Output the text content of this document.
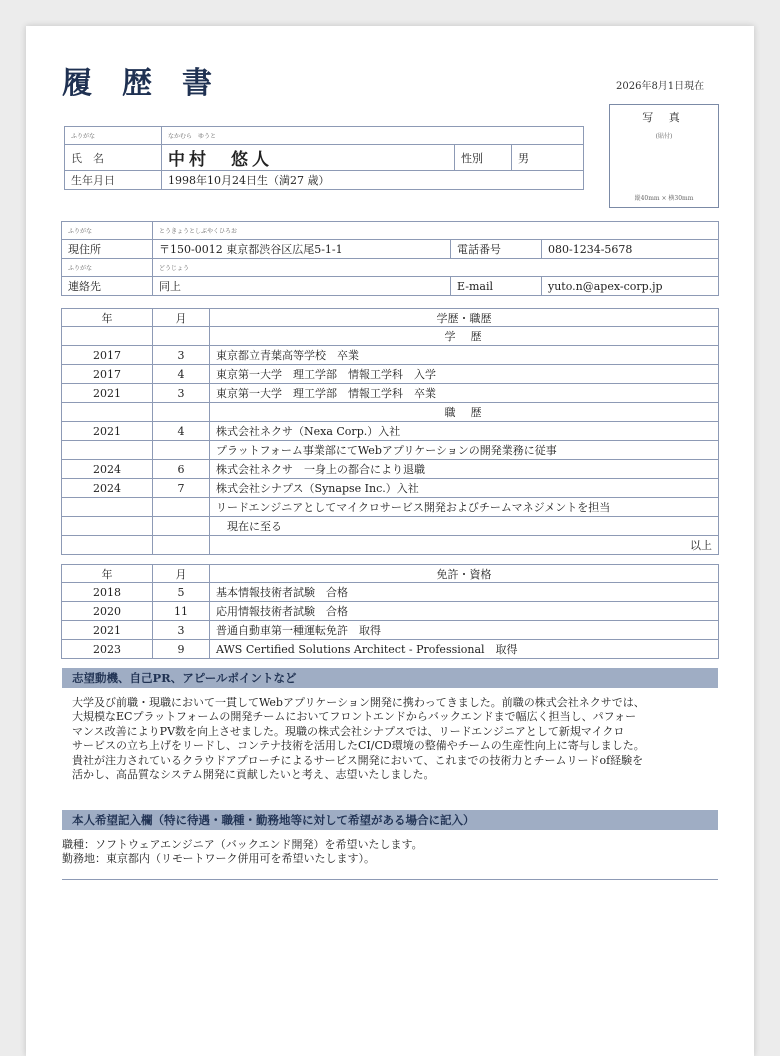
履 歴 書	2026年8月1日現在
写 真
(貼付)
縦40mm × 横30mm
ふりがな	なかむら　ゆうと		
氏　名	中村　悠人	性別	男
生年月日	1998年10月24日生（満27 歳）		
ふりがな	とうきょうとしぶやくひろお		
現住所	〒150-0012 東京都渋谷区広尾5-1-1	電話番号	080-1234-5678
ふりがな	どうじょう		
連絡先	同上	E-mail	yuto.n@apex-corp.jp
年	月	学歴・職歴
		学　歴
2017	3	東京都立青葉高等学校　卒業
2017	4	東京第一大学　理工学部　情報工学科　入学
2021	3	東京第一大学　理工学部　情報工学科　卒業
		職　歴
2021	4	株式会社ネクサ（Nexa Corp.）入社
		プラットフォーム事業部にてWebアプリケーションの開発業務に従事
2024	6	株式会社ネクサ　一身上の都合により退職
2024	7	株式会社シナプス（Synapse Inc.）入社
		リードエンジニアとしてマイクロサービス開発およびチームマネジメントを担当
		　現在に至る
		以上
年	月	免許・資格
2018	5	基本情報技術者試験　合格
2020	11	応用情報技術者試験　合格
2021	3	普通自動車第一種運転免許　取得
2023	9	AWS Certified Solutions Architect - Professional　取得
志望動機、自己PR、アピールポイントなど
大学及び前職・現職において一貫してWebアプリケーション開発に携わってきました。前職の株式会社ネクサでは、
大規模なECプラットフォームの開発チームにおいてフロントエンドからバックエンドまで幅広く担当し、パフォー
マンス改善によりPV数を向上させました。現職の株式会社シナプスでは、リードエンジニアとして新規マイクロ
サービスの立ち上げをリードし、コンテナ技術を活用したCI/CD環境の整備やチームの生産性向上に寄与しました。
貴社が注力されているクラウドアプローチによるサービス開発において、これまでの技術力とチームリードof経験を
活かし、高品質なシステム開発に貢献したいと考え、志望いたしました。
本人希望記入欄（特に待遇・職種・勤務地等に対して希望がある場合に記入）
職種：ソフトウェアエンジニア（バックエンド開発）を希望いたします。
勤務地：東京都内（リモートワーク併用可を希望いたします）。
